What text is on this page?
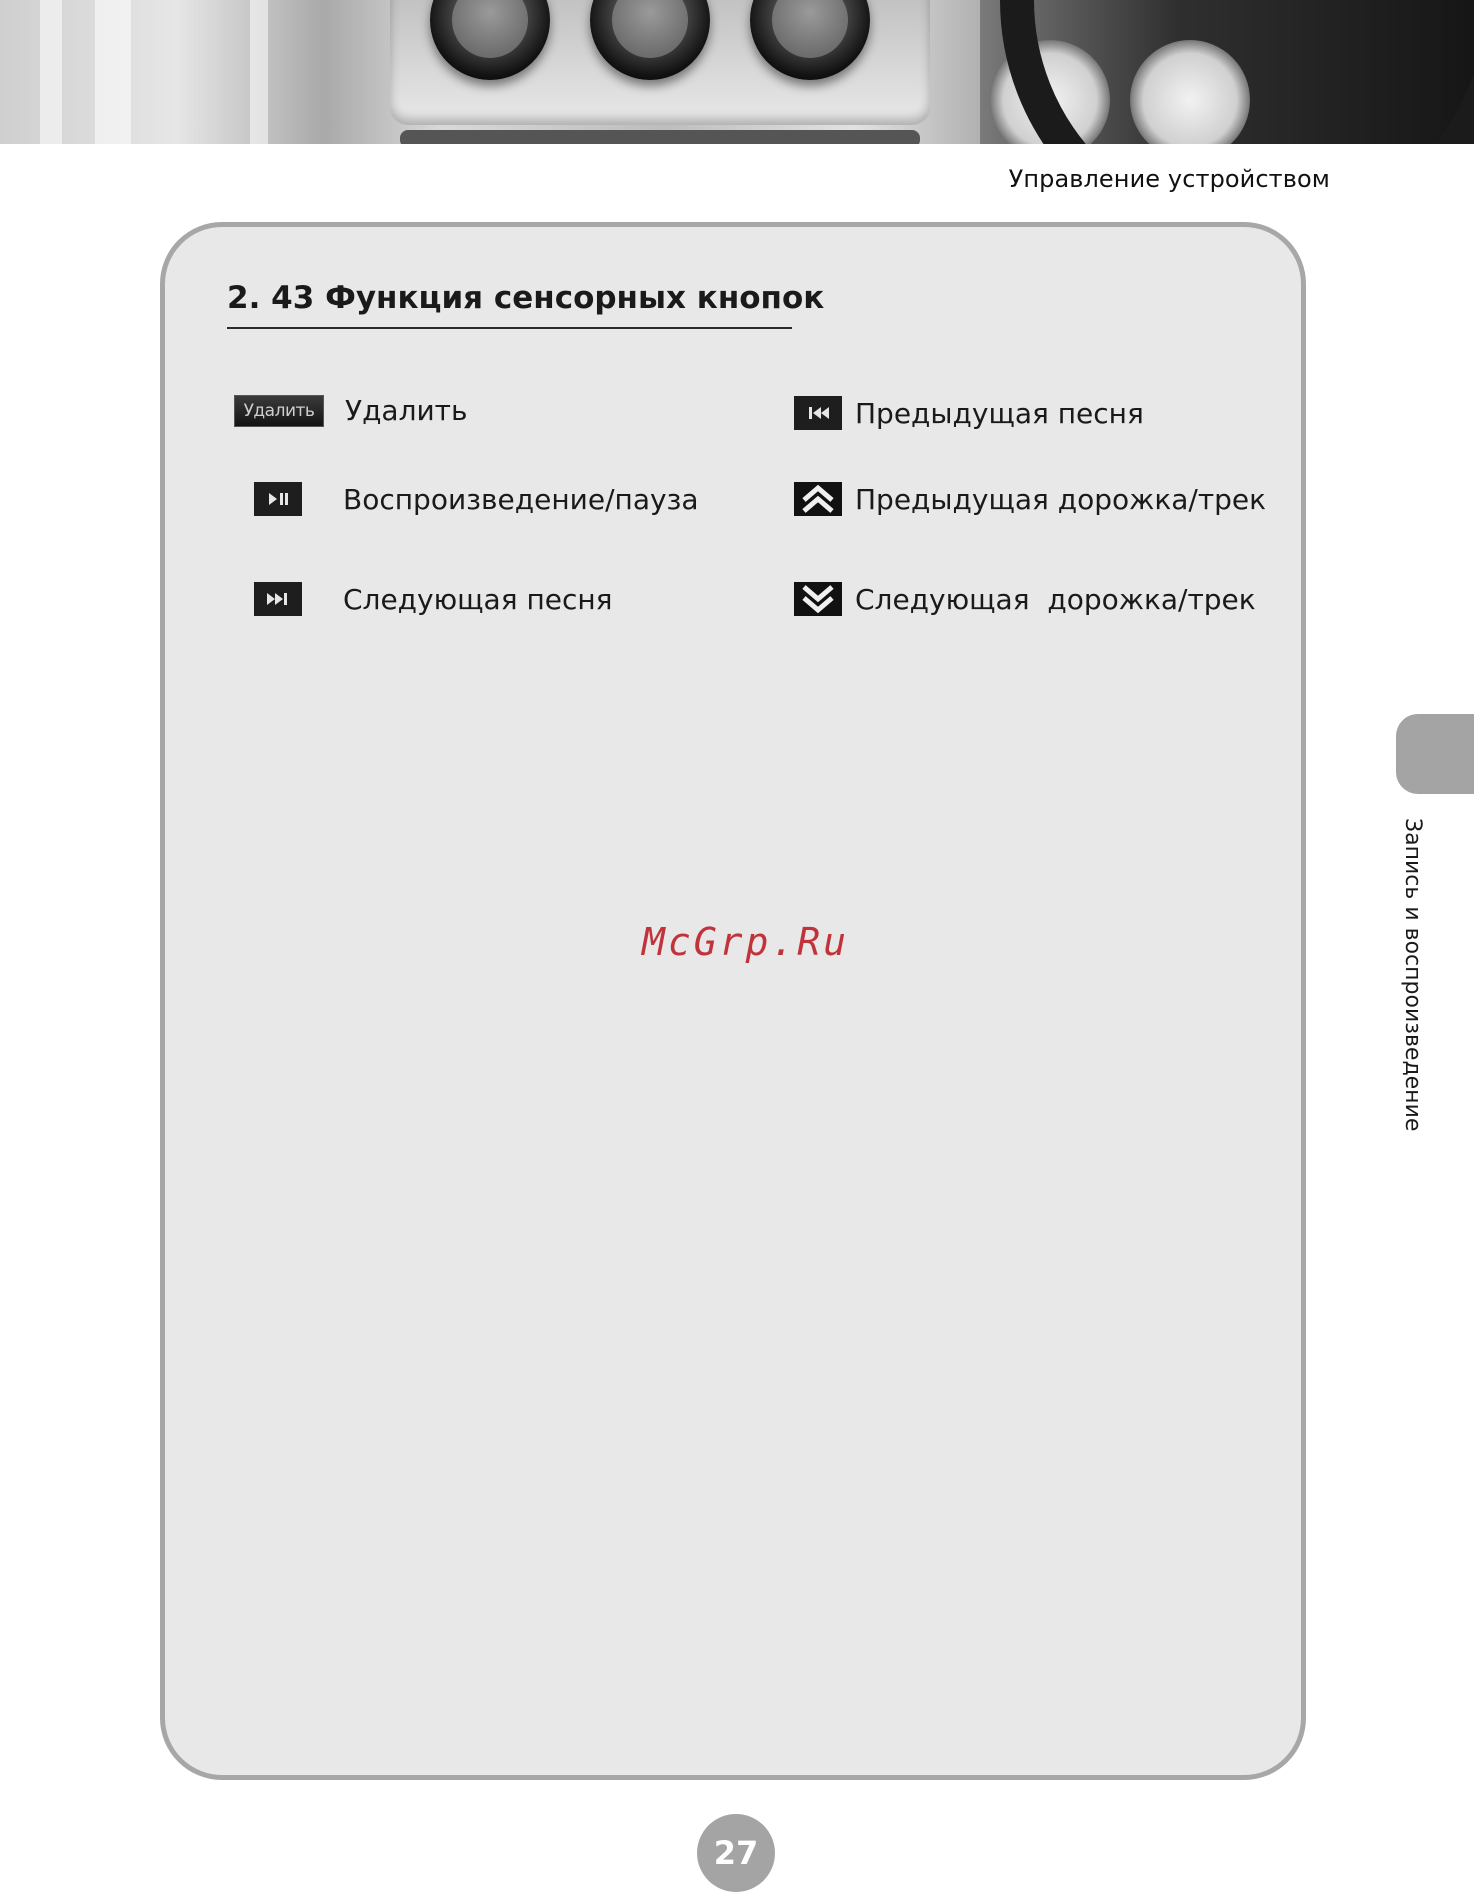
Управление устройством
2. 43 Функция сенсорных кнопок
Удалить	Удалить
Воспроизведение/пауза
Следующая песня
Предыдущая песня
Предыдущая дорожка/трек
Следующая  дорожка/трек
McGrp.Ru	Запись и воспроизведение
27
